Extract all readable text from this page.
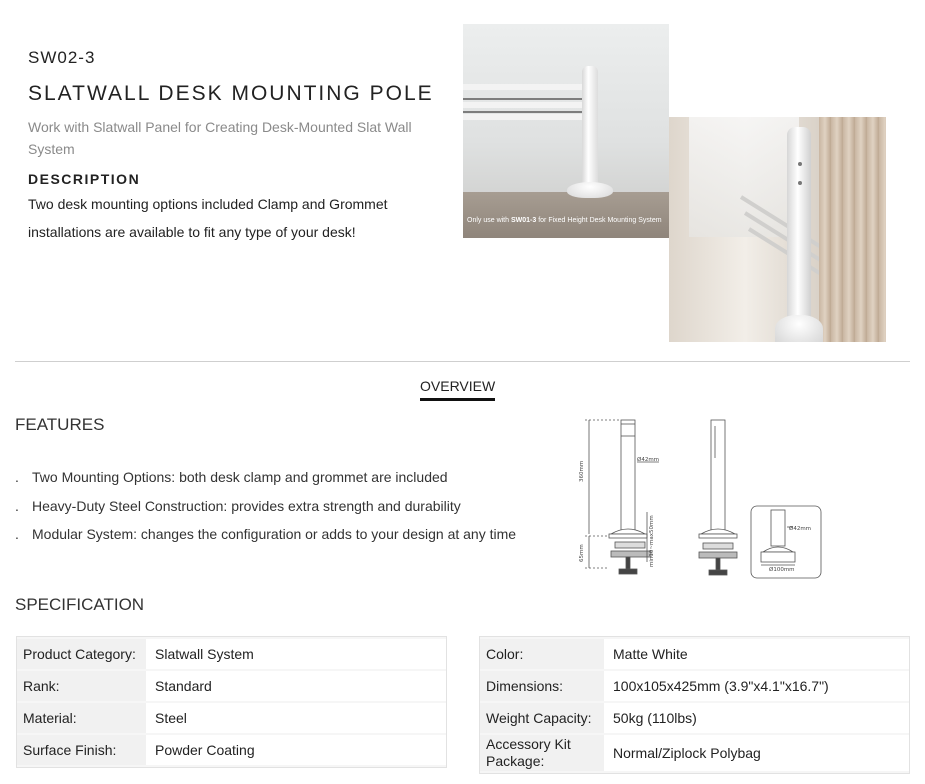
SW02-3
SLATWALL DESK MOUNTING POLE
Work with Slatwall Panel for Creating Desk-Mounted Slat Wall System
DESCRIPTION
Two desk mounting options included Clamp and Grommet installations are available to fit any type of your desk!
Only use with SW01-3 for Fixed Height Desk Mounting System
OVERVIEW
FEATURES
. Two Mounting Options: both desk clamp and grommet are included
. Heavy-Duty Steel Construction: provides extra strength and durability
. Modular System: changes the configuration or adds to your design at any time
Ø42mm
360mm
65mm	min10~max50mm	Ø42mm
Ø100mm
SPECIFICATION
Product Category:	Slatwall System
Rank:	Standard
Material:	Steel
Surface Finish:	Powder Coating
Color:	Matte White
Dimensions:	100x105x425mm (3.9"x4.1"x16.7")
Weight Capacity:	50kg (110lbs)
Accessory Kit Package:	Normal/Ziplock Polybag
